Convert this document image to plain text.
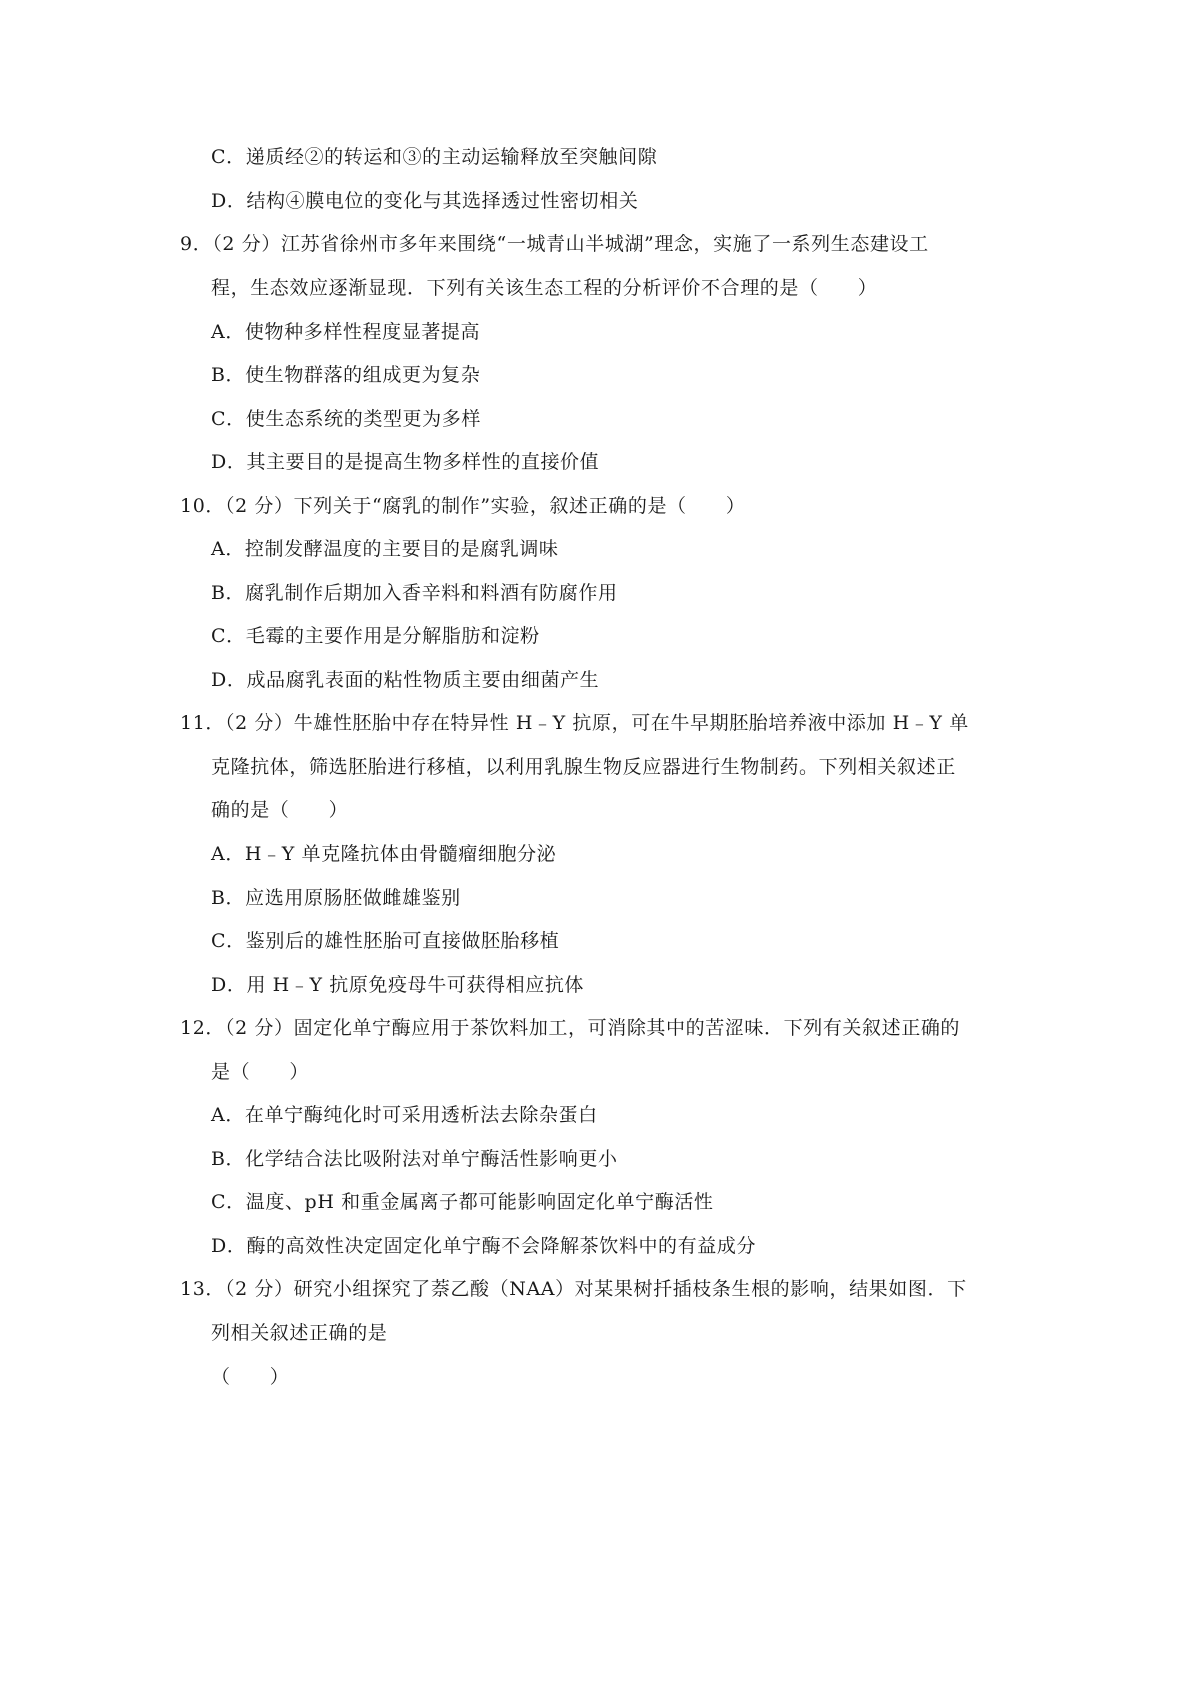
C．递质经②的转运和③的主动运输释放至突触间隙
D．结构④膜电位的变化与其选择透过性密切相关
9．（2 分）江苏省徐州市多年来围绕“一城青山半城湖”理念，实施了一系列生态建设工
程，生态效应逐渐显现．下列有关该生态工程的分析评价不合理的是（　　）
A．使物种多样性程度显著提高
B．使生物群落的组成更为复杂
C．使生态系统的类型更为多样
D．其主要目的是提高生物多样性的直接价值
10．（2 分）下列关于“腐乳的制作”实验，叙述正确的是（　　）
A．控制发酵温度的主要目的是腐乳调味
B．腐乳制作后期加入香辛料和料酒有防腐作用
C．毛霉的主要作用是分解脂肪和淀粉
D．成品腐乳表面的粘性物质主要由细菌产生
11．（2 分）牛雄性胚胎中存在特异性 H﹣Y 抗原，可在牛早期胚胎培养液中添加 H﹣Y 单
克隆抗体，筛选胚胎进行移植，以利用乳腺生物反应器进行生物制药。下列相关叙述正
确的是（　　）
A．H﹣Y 单克隆抗体由骨髓瘤细胞分泌
B．应选用原肠胚做雌雄鉴别
C．鉴别后的雄性胚胎可直接做胚胎移植
D．用 H﹣Y 抗原免疫母牛可获得相应抗体
12．（2 分）固定化单宁酶应用于茶饮料加工，可消除其中的苦涩味．下列有关叙述正确的
是（　　）
A．在单宁酶纯化时可采用透析法去除杂蛋白
B．化学结合法比吸附法对单宁酶活性影响更小
C．温度、pH 和重金属离子都可能影响固定化单宁酶活性
D．酶的高效性决定固定化单宁酶不会降解茶饮料中的有益成分
13．（2 分）研究小组探究了萘乙酸（NAA）对某果树扦插枝条生根的影响，结果如图．下
列相关叙述正确的是
（　　）
